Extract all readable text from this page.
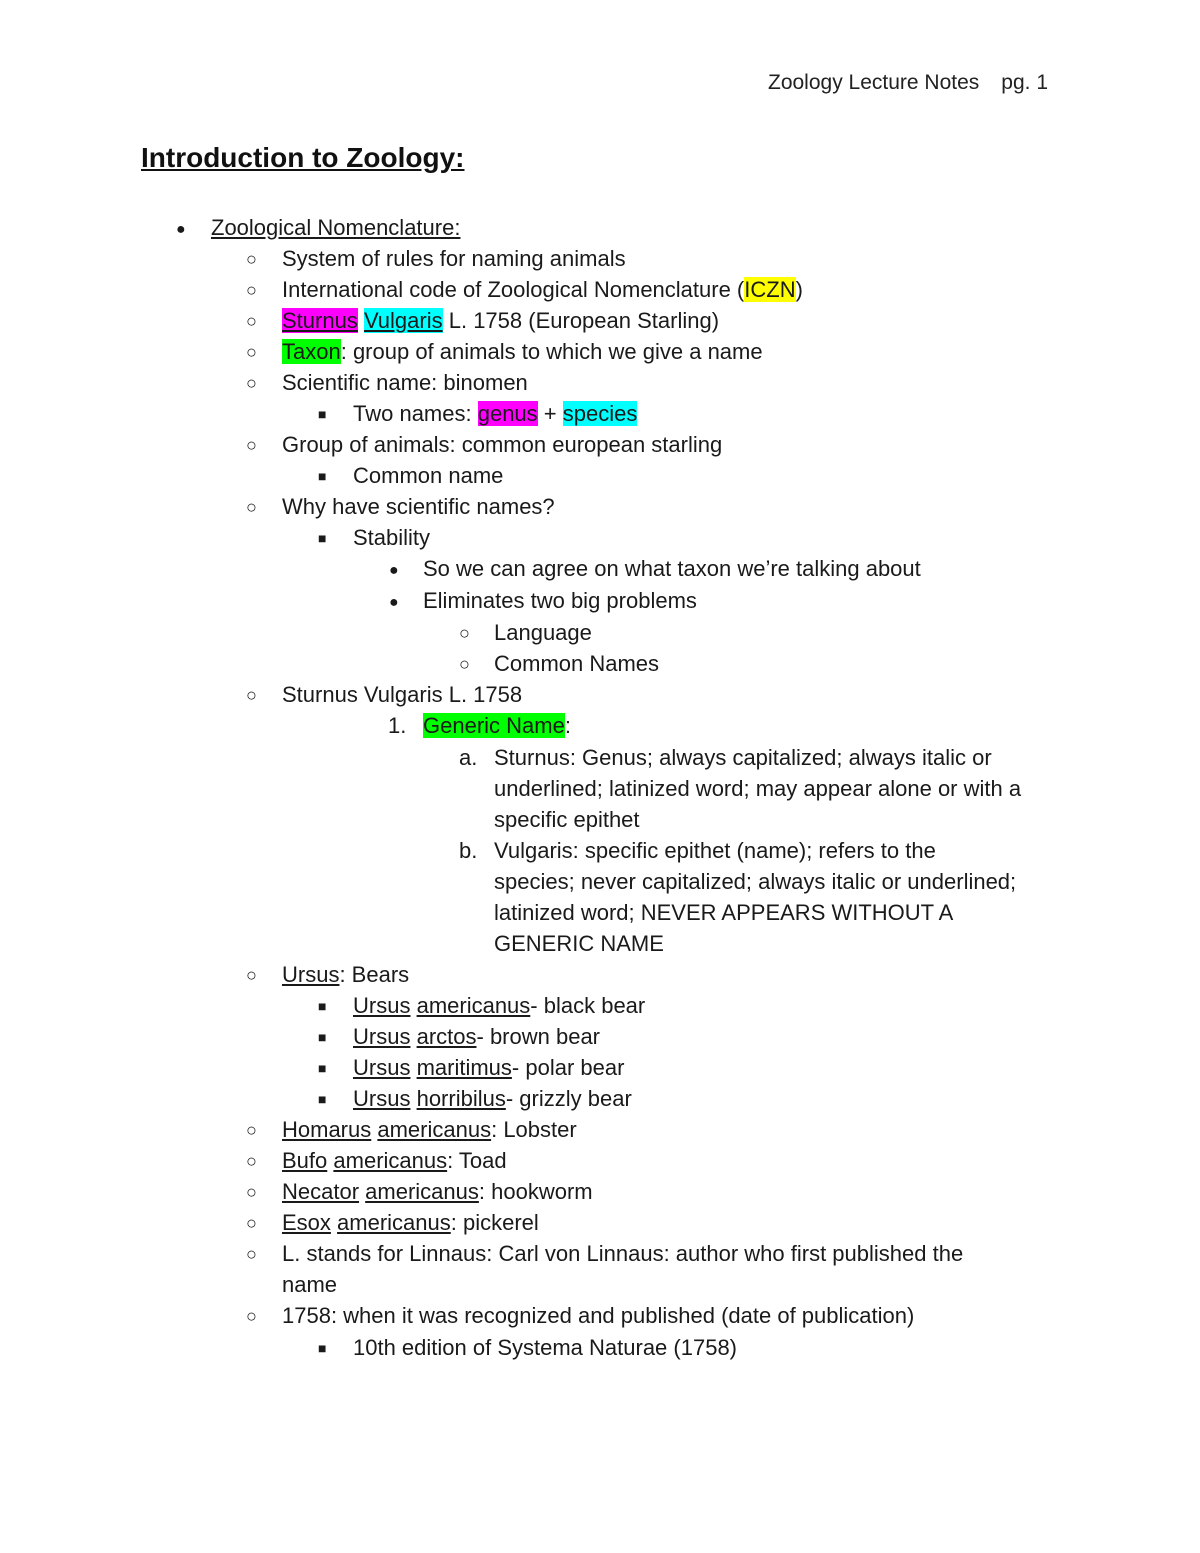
Zoology Lecture Notes pg. 1
Introduction to Zoology:
● Zoological Nomenclature:
○ System of rules for naming animals
○ International code of Zoological Nomenclature (ICZN)
○ Sturnus Vulgaris L. 1758 (European Starling)
○ Taxon: group of animals to which we give a name
○ Scientific name: binomen
■ Two names: genus + species
○ Group of animals: common european starling
■ Common name
○ Why have scientific names?
■ Stability
● So we can agree on what taxon we’re talking about
● Eliminates two big problems
○ Language
○ Common Names
○ Sturnus Vulgaris L. 1758
1. Generic Name:
a. Sturnus: Genus; always capitalized; always italic or
underlined; latinized word; may appear alone or with a
specific epithet
b. Vulgaris: specific epithet (name); refers to the
species; never capitalized; always italic or underlined;
latinized word; NEVER APPEARS WITHOUT A
GENERIC NAME
○ Ursus: Bears
■ Ursus americanus- black bear
■ Ursus arctos- brown bear
■ Ursus maritimus- polar bear
■ Ursus horribilus- grizzly bear
○ Homarus americanus: Lobster
○ Bufo americanus: Toad
○ Necator americanus: hookworm
○ Esox americanus: pickerel
○ L. stands for Linnaus: Carl von Linnaus: author who first published the
name
○ 1758: when it was recognized and published (date of publication)
■ 10th edition of Systema Naturae (1758)
